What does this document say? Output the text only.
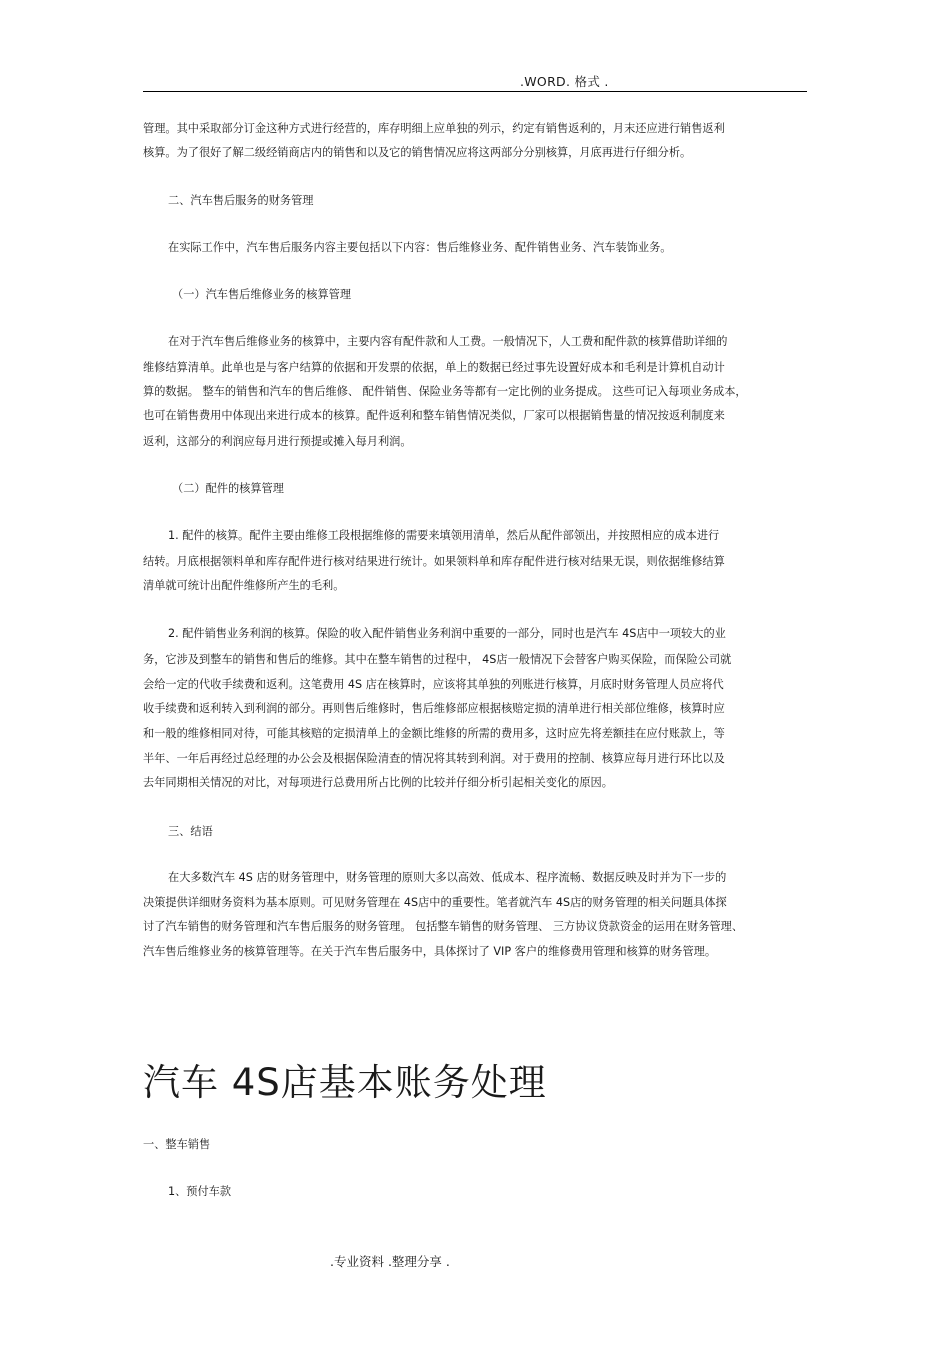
.WORD. 格式 .
管理。其中采取部分订金这种方式进行经营的，库存明细上应单独的列示，约定有销售返利的，月末还应进行销售返利
核算。为了很好了解二级经销商店内的销售和以及它的销售情况应将这两部分分别核算，月底再进行仔细分析。
二、汽车售后服务的财务管理
在实际工作中，汽车售后服务内容主要包括以下内容：售后维修业务、配件销售业务、汽车装饰业务。
（一）汽车售后维修业务的核算管理
在对于汽车售后维修业务的核算中，主要内容有配件款和人工费。一般情况下，人工费和配件款的核算借助详细的
维修结算清单。此单也是与客户结算的依据和开发票的依据，单上的数据已经过事先设置好成本和毛利是计算机自动计
算的数据。 整车的销售和汽车的售后维修、 配件销售、保险业务等都有一定比例的业务提成。 这些可记入每项业务成本，
也可在销售费用中体现出来进行成本的核算。配件返利和整车销售情况类似，厂家可以根据销售量的情况按返利制度来
返利，这部分的利润应每月进行预提或摊入每月利润。
（二）配件的核算管理
1. 配件的核算。配件主要由维修工段根据维修的需要来填领用清单，然后从配件部领出，并按照相应的成本进行
结转。月底根据领料单和库存配件进行核对结果进行统计。如果领料单和库存配件进行核对结果无误，则依据维修结算
清单就可统计出配件维修所产生的毛利。
2. 配件销售业务利润的核算。保险的收入配件销售业务利润中重要的一部分，同时也是汽车 4S店中一项较大的业
务，它涉及到整车的销售和售后的维修。其中在整车销售的过程中， 4S店一般情况下会替客户购买保险，而保险公司就
会给一定的代收手续费和返利。这笔费用 4S 店在核算时，应该将其单独的列账进行核算，月底时财务管理人员应将代
收手续费和返利转入到利润的部分。再则售后维修时，售后维修部应根据核赔定损的清单进行相关部位维修，核算时应
和一般的维修相同对待，可能其核赔的定损清单上的金额比维修的所需的费用多，这时应先将差额挂在应付账款上，等
半年、一年后再经过总经理的办公会及根据保险清查的情况将其转到利润。对于费用的控制、核算应每月进行环比以及
去年同期相关情况的对比，对每项进行总费用所占比例的比较并仔细分析引起相关变化的原因。
三、结语
在大多数汽车 4S 店的财务管理中，财务管理的原则大多以高效、低成本、程序流畅、数据反映及时并为下一步的
决策提供详细财务资料为基本原则。可见财务管理在 4S店中的重要性。笔者就汽车 4S店的财务管理的相关问题具体探
讨了汽车销售的财务管理和汽车售后服务的财务管理。 包括整车销售的财务管理、 三方协议贷款资金的运用在财务管理、
汽车售后维修业务的核算管理等。在关于汽车售后服务中，具体探讨了 VIP 客户的维修费用管理和核算的财务管理。
汽车 4S店基本账务处理
一、整车销售
1、预付车款
.专业资料 .整理分享 .
